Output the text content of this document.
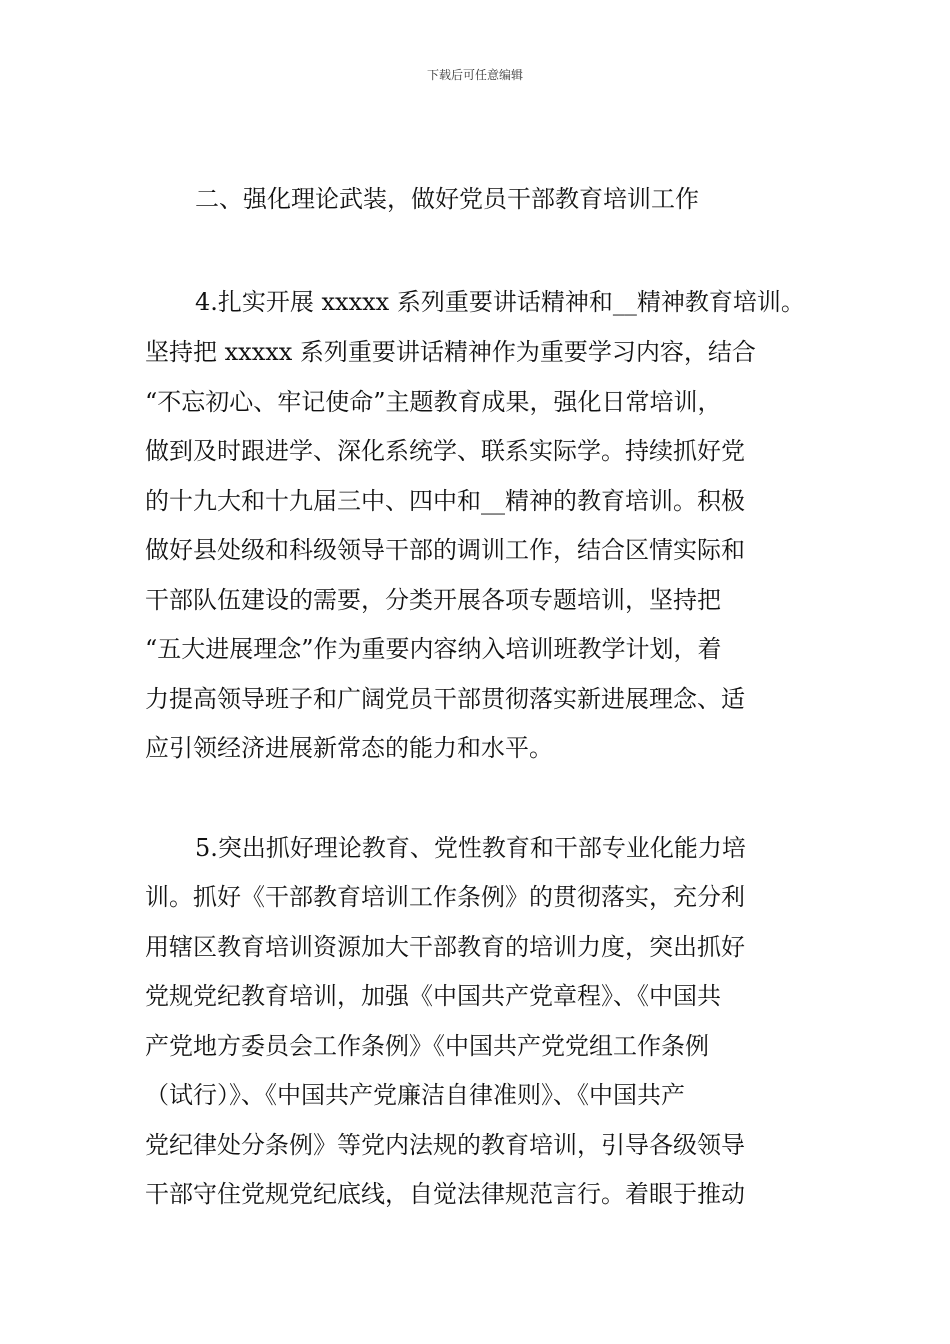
下载后可任意编辑
二、强化理论武装，做好党员干部教育培训工作
4.扎实开展 xxxxx 系列重要讲话精神和__精神教育培训。
坚持把 xxxxx 系列重要讲话精神作为重要学习内容，结合
“不忘初心、牢记使命”主题教育成果，强化日常培训，
做到及时跟进学、深化系统学、联系实际学。持续抓好党
的十九大和十九届三中、四中和__精神的教育培训。积极
做好县处级和科级领导干部的调训工作，结合区情实际和
干部队伍建设的需要，分类开展各项专题培训，坚持把
“五大进展理念”作为重要内容纳入培训班教学计划，着
力提高领导班子和广阔党员干部贯彻落实新进展理念、适
应引领经济进展新常态的能力和水平。
5.突出抓好理论教育、党性教育和干部专业化能力培
训。抓好《干部教育培训工作条例》的贯彻落实，充分利
用辖区教育培训资源加大干部教育的培训力度，突出抓好
党规党纪教育培训，加强《中国共产党章程》、《中国共
产党地方委员会工作条例》《中国共产党党组工作条例
（试行）》、《中国共产党廉洁自律准则》、《中国共产
党纪律处分条例》等党内法规的教育培训，引导各级领导
干部守住党规党纪底线，自觉法律规范言行。着眼于推动
